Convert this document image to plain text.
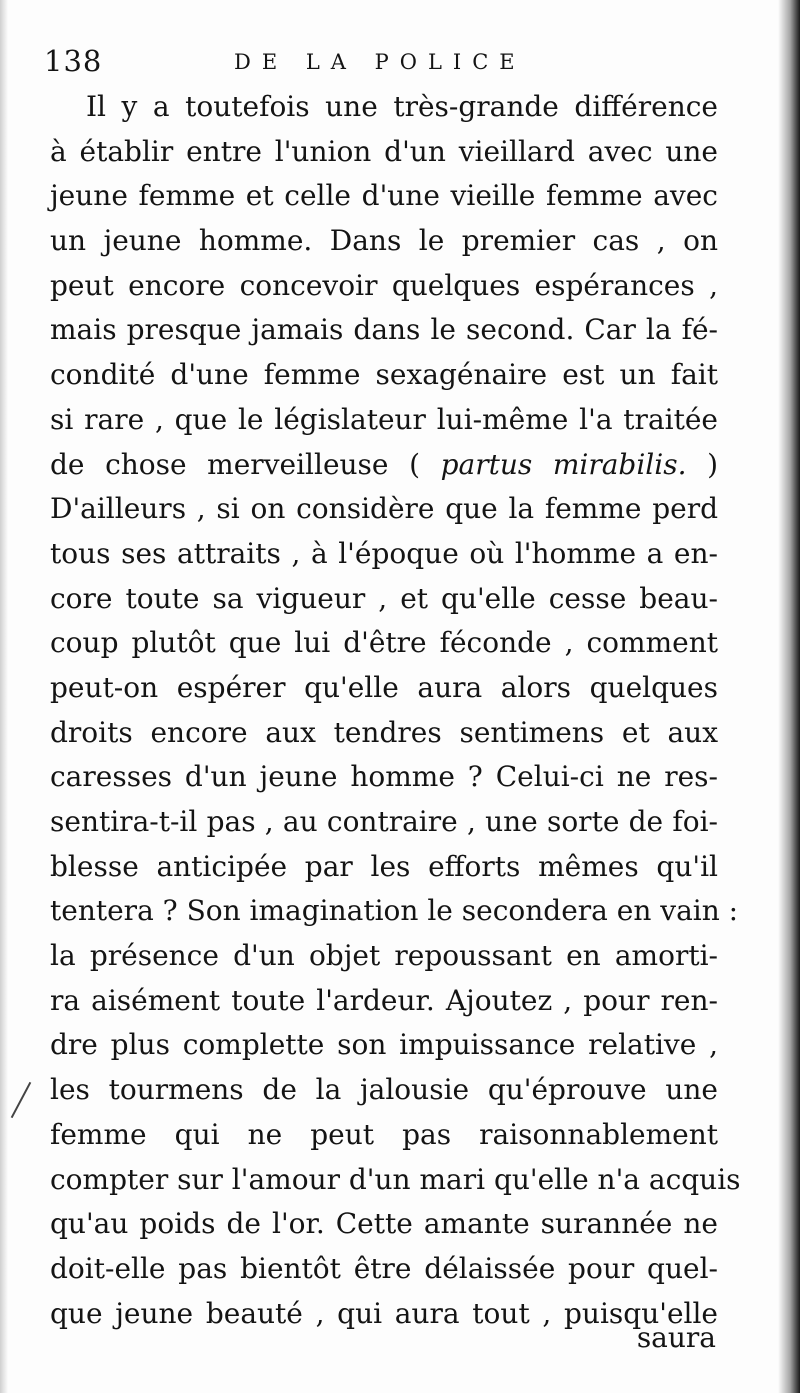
138	DE LA POLICE
Il y a toutefois une très-grande différence
à établir entre l'union d'un vieillard avec une
jeune femme et celle d'une vieille femme avec
un jeune homme. Dans le premier cas , on
peut encore concevoir quelques espérances ,
mais presque jamais dans le second. Car la fé-
condité d'une femme sexagénaire est un fait
si rare , que le législateur lui-même l'a traitée
de chose merveilleuse ( partus mirabilis. )
D'ailleurs , si on considère que la femme perd
tous ses attraits , à l'époque où l'homme a en-
core toute sa vigueur , et qu'elle cesse beau-
coup plutôt que lui d'être féconde , comment
peut-on espérer qu'elle aura alors quelques
droits encore aux tendres sentimens et aux
caresses d'un jeune homme ? Celui-ci ne res-
sentira-t-il pas , au contraire , une sorte de foi-
blesse anticipée par les efforts mêmes qu'il
tentera ? Son imagination le secondera en vain :
la présence d'un objet repoussant en amorti-
ra aisément toute l'ardeur. Ajoutez , pour ren-
dre plus complette son impuissance relative ,
les tourmens de la jalousie qu'éprouve une
femme qui ne peut pas raisonnablement
compter sur l'amour d'un mari qu'elle n'a acquis
qu'au poids de l'or. Cette amante surannée ne
doit-elle pas bientôt être délaissée pour quel-
que jeune beauté , qui aura tout , puisqu'elle
saura
